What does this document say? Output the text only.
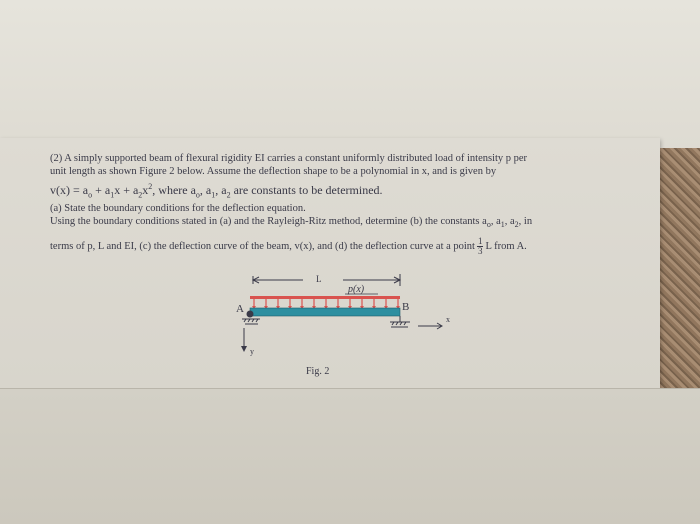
(2) A simply supported beam of flexural rigidity EI carries a constant uniformly distributed load of intensity p per
unit length as shown Figure 2 below. Assume the deflection shape to be a polynomial in x, and is given by
$v(x) = a_o + a_1x + a_2x^2$, where $a_o$, $a_1$, $a_2$ are constants to be determined.
(a) State the boundary conditions for the deflection equation.
Using the boundary conditions stated in (a) and the Rayleigh-Ritz method, determine (b) the constants $a_o$, $a_1$, $a_2$, in
terms of p, L and EI, (c) the deflection curve of the beam, v(x), and (d) the deflection curve at a point $\frac{1}{3}$ L from A.
L
p(x)
A	B
x
y
Fig. 2
